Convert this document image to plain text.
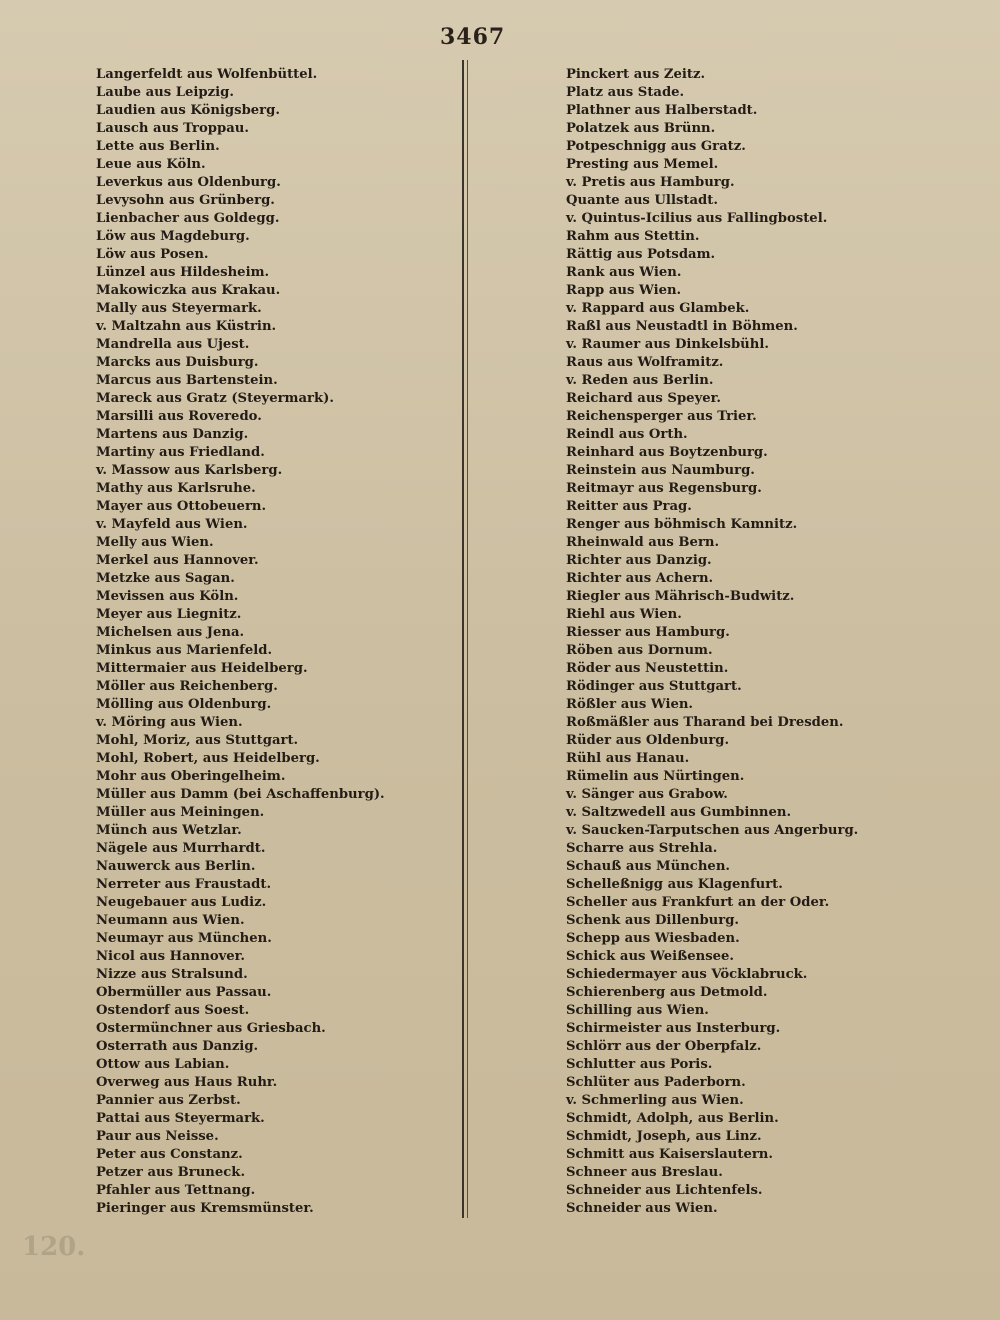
3467
Langerfeldt aus Wolfenbüttel.
Laube aus Leipzig.
Laudien aus Königsberg.
Lausch aus Troppau.
Lette aus Berlin.
Leue aus Köln.
Leverkus aus Oldenburg.
Levysohn aus Grünberg.
Lienbacher aus Goldegg.
Löw aus Magdeburg.
Löw aus Posen.
Lünzel aus Hildesheim.
Makowiczka aus Krakau.
Mally aus Steyermark.
v. Maltzahn aus Küstrin.
Mandrella aus Ujest.
Marcks aus Duisburg.
Marcus aus Bartenstein.
Mareck aus Gratz (Steyermark).
Marsilli aus Roveredo.
Martens aus Danzig.
Martiny aus Friedland.
v. Massow aus Karlsberg.
Mathy aus Karlsruhe.
Mayer aus Ottobeuern.
v. Mayfeld aus Wien.
Melly aus Wien.
Merkel aus Hannover.
Metzke aus Sagan.
Mevissen aus Köln.
Meyer aus Liegnitz.
Michelsen aus Jena.
Minkus aus Marienfeld.
Mittermaier aus Heidelberg.
Möller aus Reichenberg.
Mölling aus Oldenburg.
v. Möring aus Wien.
Mohl, Moriz, aus Stuttgart.
Mohl, Robert, aus Heidelberg.
Mohr aus Oberingelheim.
Müller aus Damm (bei Aschaffenburg).
Müller aus Meiningen.
Münch aus Wetzlar.
Nägele aus Murrhardt.
Nauwerck aus Berlin.
Nerreter aus Fraustadt.
Neugebauer aus Ludiz.
Neumann aus Wien.
Neumayr aus München.
Nicol aus Hannover.
Nizze aus Stralsund.
Obermüller aus Passau.
Ostendorf aus Soest.
Ostermünchner aus Griesbach.
Osterrath aus Danzig.
Ottow aus Labian.
Overweg aus Haus Ruhr.
Pannier aus Zerbst.
Pattai aus Steyermark.
Paur aus Neisse.
Peter aus Constanz.
Petzer aus Bruneck.
Pfahler aus Tettnang.
Pieringer aus Kremsmünster.
Pinckert aus Zeitz.
Platz aus Stade.
Plathner aus Halberstadt.
Polatzek aus Brünn.
Potpeschnigg aus Gratz.
Presting aus Memel.
v. Pretis aus Hamburg.
Quante aus Ullstadt.
v. Quintus-Icilius aus Fallingbostel.
Rahm aus Stettin.
Rättig aus Potsdam.
Rank aus Wien.
Rapp aus Wien.
v. Rappard aus Glambek.
Raßl aus Neustadtl in Böhmen.
v. Raumer aus Dinkelsbühl.
Raus aus Wolframitz.
v. Reden aus Berlin.
Reichard aus Speyer.
Reichensperger aus Trier.
Reindl aus Orth.
Reinhard aus Boytzenburg.
Reinstein aus Naumburg.
Reitmayr aus Regensburg.
Reitter aus Prag.
Renger aus böhmisch Kamnitz.
Rheinwald aus Bern.
Richter aus Danzig.
Richter aus Achern.
Riegler aus Mährisch-Budwitz.
Riehl aus Wien.
Riesser aus Hamburg.
Röben aus Dornum.
Röder aus Neustettin.
Rödinger aus Stuttgart.
Rößler aus Wien.
Roßmäßler aus Tharand bei Dresden.
Rüder aus Oldenburg.
Rühl aus Hanau.
Rümelin aus Nürtingen.
v. Sänger aus Grabow.
v. Saltzwedell aus Gumbinnen.
v. Saucken-Tarputschen aus Angerburg.
Scharre aus Strehla.
Schauß aus München.
Schelleßnigg aus Klagenfurt.
Scheller aus Frankfurt an der Oder.
Schenk aus Dillenburg.
Schepp aus Wiesbaden.
Schick aus Weißensee.
Schiedermayer aus Vöcklabruck.
Schierenberg aus Detmold.
Schilling aus Wien.
Schirmeister aus Insterburg.
Schlörr aus der Oberpfalz.
Schlutter aus Poris.
Schlüter aus Paderborn.
v. Schmerling aus Wien.
Schmidt, Adolph, aus Berlin.
Schmidt, Joseph, aus Linz.
Schmitt aus Kaiserslautern.
Schneer aus Breslau.
Schneider aus Lichtenfels.
Schneider aus Wien.
120.
